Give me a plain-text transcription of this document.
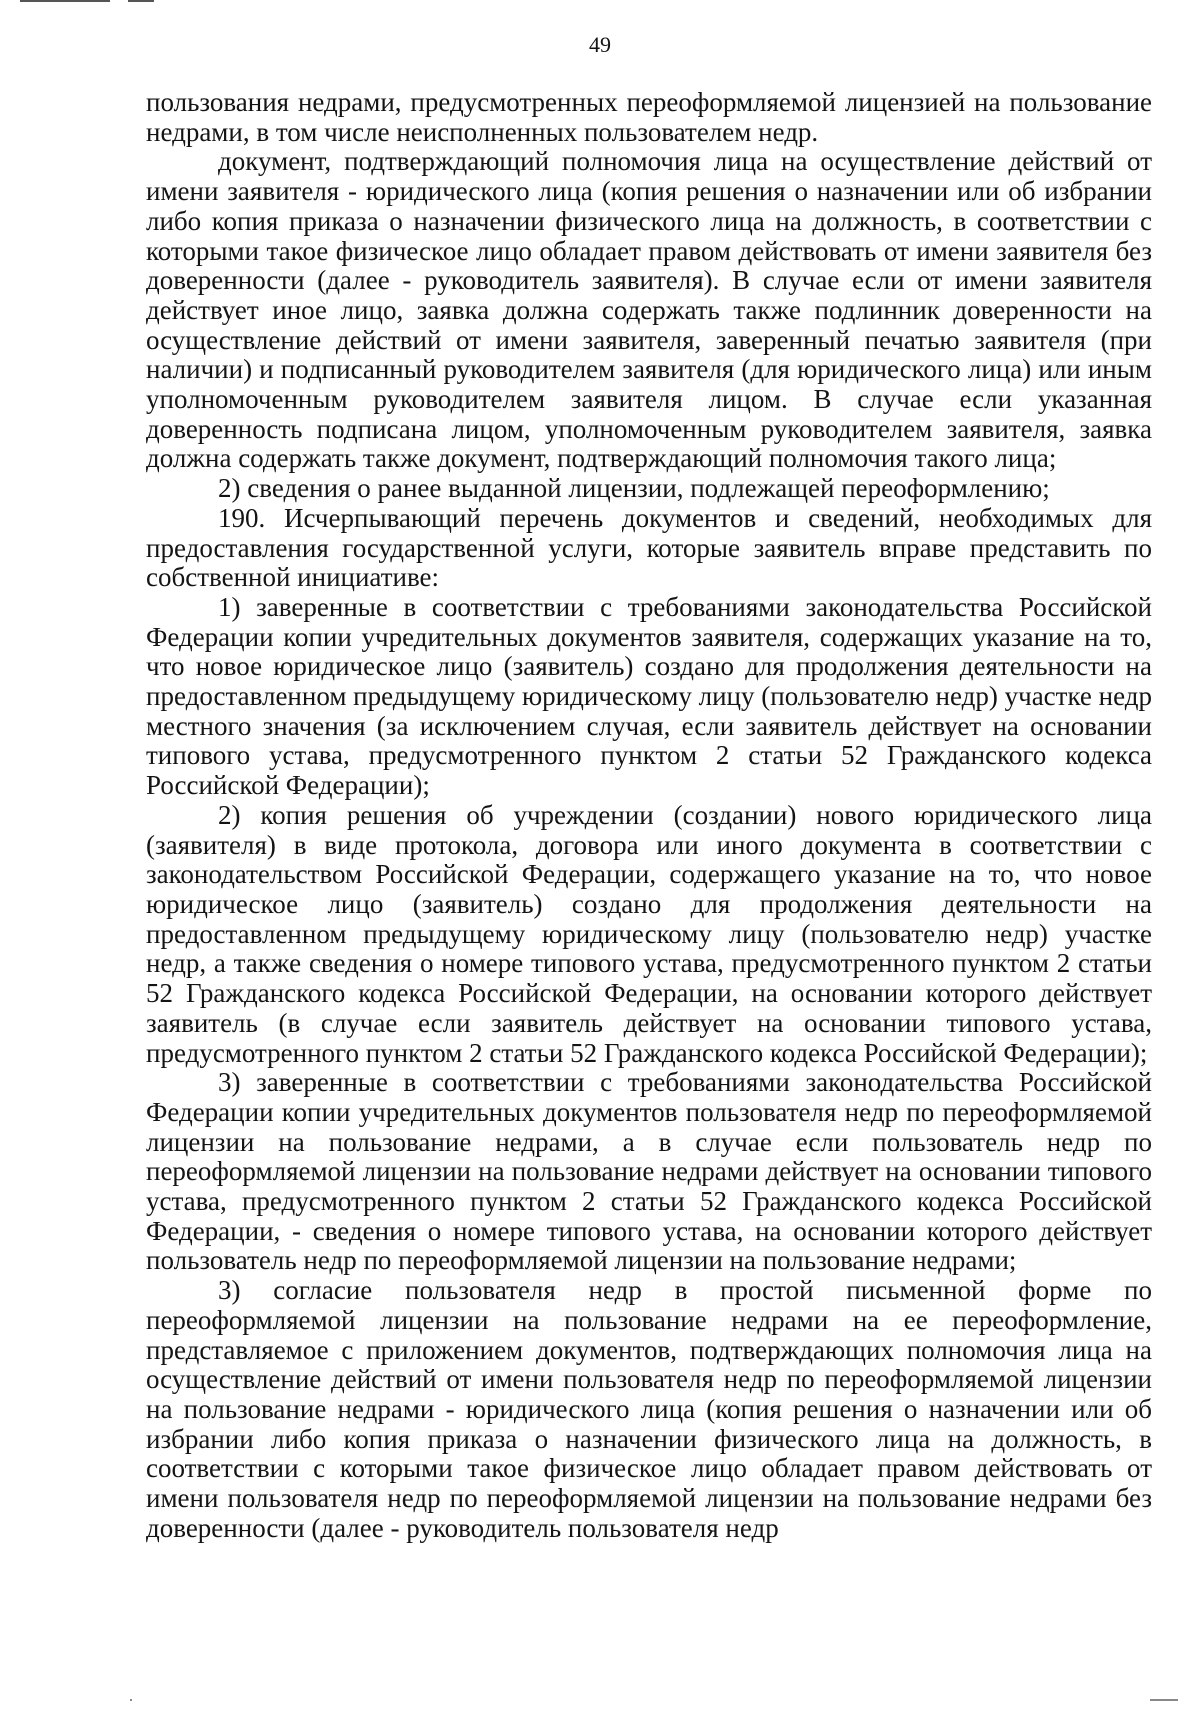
49

пользования недрами, предусмотренных переоформляемой лицензией на пользование недрами, в том числе неисполненных пользователем недр.

документ, подтверждающий полномочия лица на осуществление действий от имени заявителя - юридического лица (копия решения о назначении или об избрании либо копия приказа о назначении физического лица на должность, в соответствии с которыми такое физическое лицо обладает правом действовать от имени заявителя без доверенности (далее - руководитель заявителя). В случае если от имени заявителя действует иное лицо, заявка должна содержать также подлинник доверенности на осуществление действий от имени заявителя, заверенный печатью заявителя (при наличии) и подписанный руководителем заявителя (для юридического лица) или иным уполномоченным руководителем заявителя лицом. В случае если указанная доверенность подписана лицом, уполномоченным руководителем заявителя, заявка должна содержать также документ, подтверждающий полномочия такого лица;

2) сведения о ранее выданной лицензии, подлежащей переоформлению;

190. Исчерпывающий перечень документов и сведений, необходимых для предоставления государственной услуги, которые заявитель вправе представить по собственной инициативе:

1) заверенные в соответствии с требованиями законодательства Российской Федерации копии учредительных документов заявителя, содержащих указание на то, что новое юридическое лицо (заявитель) создано для продолжения деятельности на предоставленном предыдущему юридическому лицу (пользователю недр) участке недр местного значения (за исключением случая, если заявитель действует на основании типового устава, предусмотренного пунктом 2 статьи 52 Гражданского кодекса Российской Федерации);

2) копия решения об учреждении (создании) нового юридического лица (заявителя) в виде протокола, договора или иного документа в соответствии с законодательством Российской Федерации, содержащего указание на то, что новое юридическое лицо (заявитель) создано для продолжения деятельности на предоставленном предыдущему юридическому лицу (пользователю недр) участке недр, а также сведения о номере типового устава, предусмотренного пунктом 2 статьи 52 Гражданского кодекса Российской Федерации, на основании которого действует заявитель (в случае если заявитель действует на основании типового устава, предусмотренного пунктом 2 статьи 52 Гражданского кодекса Российской Федерации);

3) заверенные в соответствии с требованиями законодательства Российской Федерации копии учредительных документов пользователя недр по переоформляемой лицензии на пользование недрами, а в случае если пользователь недр по переоформляемой лицензии на пользование недрами действует на основании типового устава, предусмотренного пунктом 2 статьи 52 Гражданского кодекса Российской Федерации, - сведения о номере типового устава, на основании которого действует пользователь недр по переоформляемой лицензии на пользование недрами;

3) согласие пользователя недр в простой письменной форме по переоформляемой лицензии на пользование недрами на ее переоформление, представляемое с приложением документов, подтверждающих полномочия лица на осуществление действий от имени пользователя недр по переоформляемой лицензии на пользование недрами - юридического лица (копия решения о назначении или об избрании либо копия приказа о назначении физического лица на должность, в соответствии с которыми такое физическое лицо обладает правом действовать от имени пользователя недр по переоформляемой лицензии на пользование недрами без доверенности (далее - руководитель пользователя недр
